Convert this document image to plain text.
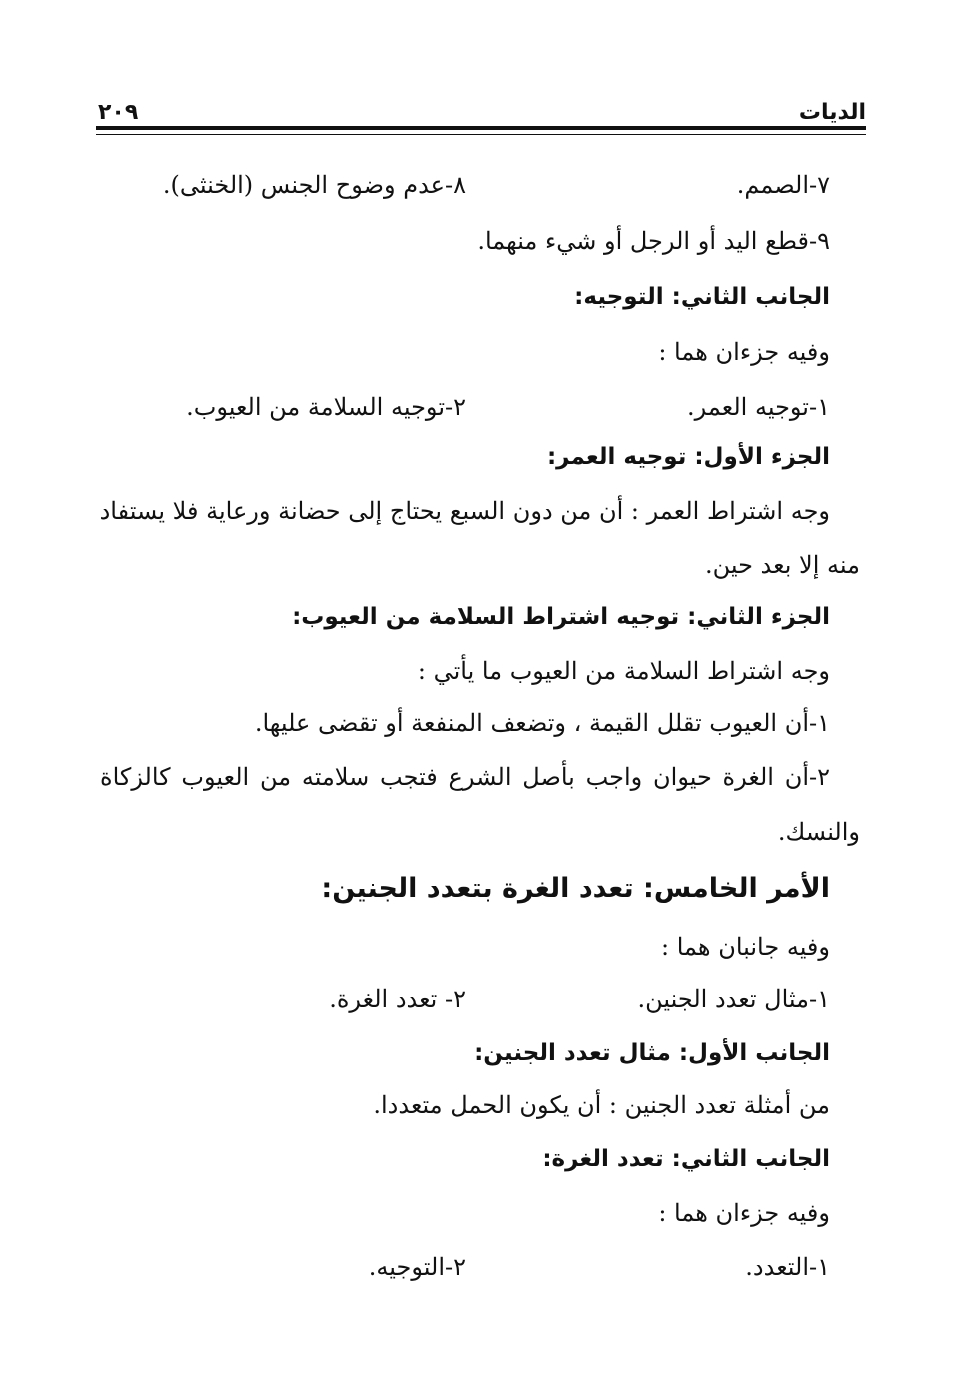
الديات
٢٠٩
٧-الصمم.
٨-عدم وضوح الجنس (الخنثى).
٩-قطع اليد أو الرجل أو شيء منهما.
الجانب الثاني: التوجيه:
وفيه جزءان هما :
١-توجيه العمر.
٢-توجيه السلامة من العيوب.
الجزء الأول: توجيه العمر:
وجه اشتراط العمر : أن من دون السبع يحتاج إلى حضانة ورعاية فلا يستفاد
منه إلا بعد حين.
الجزء الثاني: توجيه اشتراط السلامة من العيوب:
وجه اشتراط السلامة من العيوب ما يأتي :
١-أن العيوب تقلل القيمة ، وتضعف المنفعة أو تقضى عليها.
٢-أن الغرة حيوان واجب بأصل الشرع فتجب سلامته من العيوب كالزكاة
والنسك.
الأمر الخامس: تعدد الغرة بتعدد الجنين:
وفيه جانبان هما :
١-مثال تعدد الجنين.
٢- تعدد الغرة.
الجانب الأول: مثال تعدد الجنين:
من أمثلة تعدد الجنين : أن يكون الحمل متعددا.
الجانب الثاني: تعدد الغرة:
وفيه جزءان هما :
١-التعدد.
٢-التوجيه.
